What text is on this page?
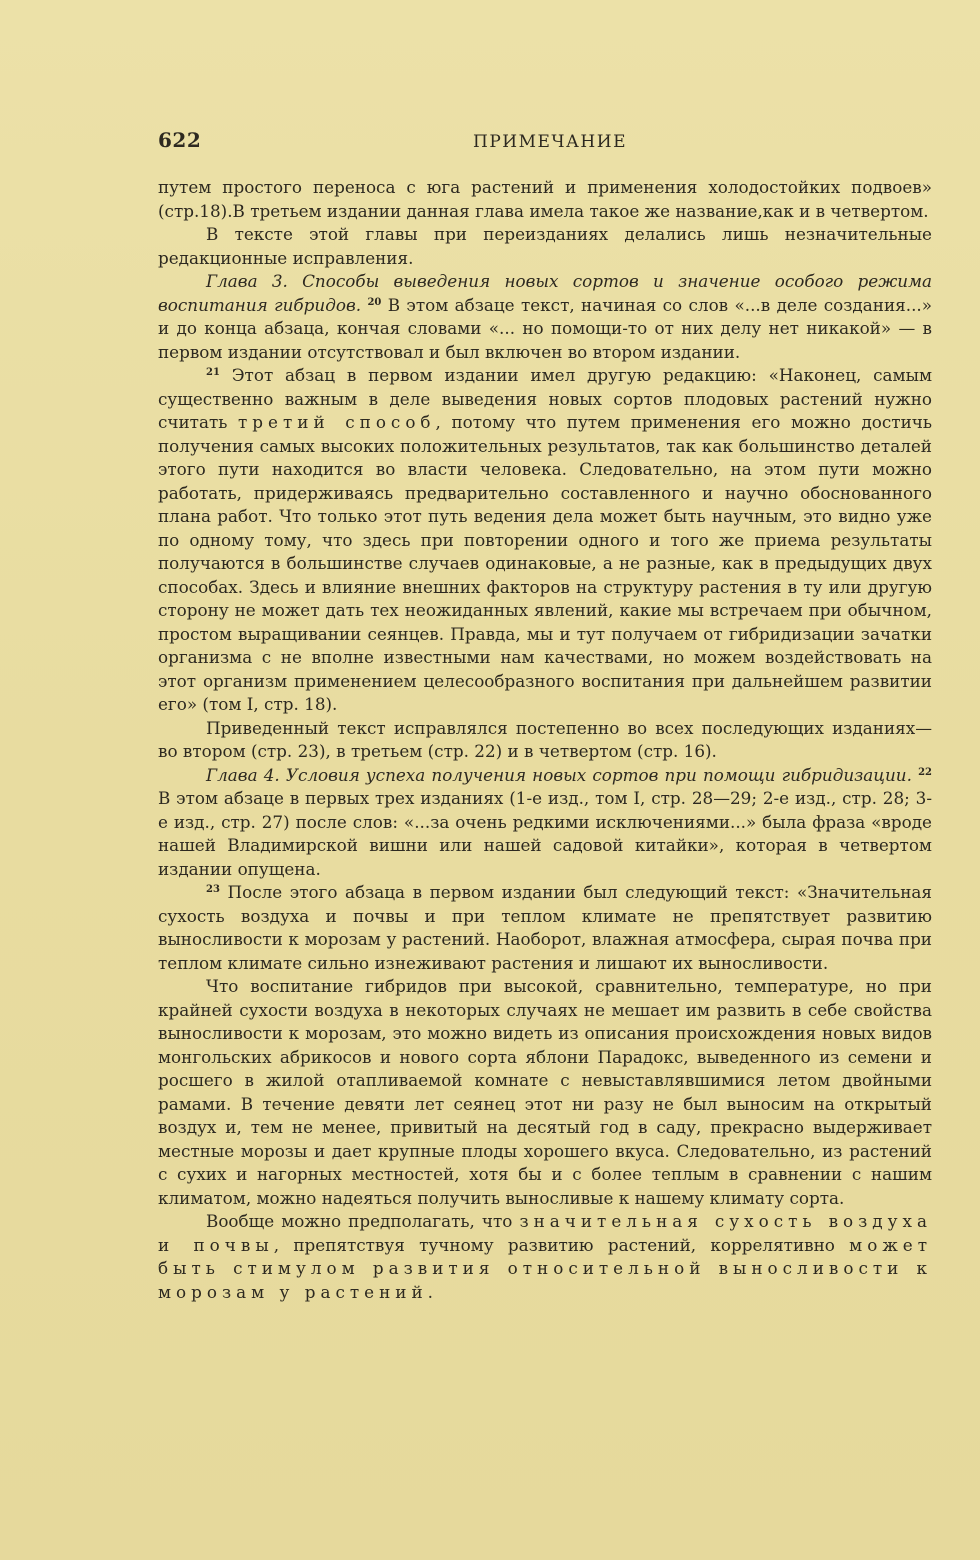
622	ПРИМЕЧАНИЕ

путем простого переноса с юга растений и применения холодостойких подвоев» (стр.18).В третьем издании данная глава имела такое же название,как и в четвертом.

В тексте этой главы при переизданиях делались лишь незначительные редакционные исправления.

Глава 3. Способы выведения новых сортов и значение особого режима воспитания гибридов. $^{20}$ В этом абзаце текст, начиная со слов «...в деле создания...» и до конца абзаца, кончая словами «... но помощи-то от них делу нет никакой» — в первом издании отсутствовал и был включен во втором издании.

$^{21}$ Этот абзац в первом издании имел другую редакцию: «Наконец, самым существенно важным в деле выведения новых сортов плодовых растений нужно считать третий способ, потому что путем применения его можно достичь получения самых высоких положительных результатов, так как большинство деталей этого пути находится во власти человека. Следовательно, на этом пути можно работать, придерживаясь предварительно составленного и научно обоснованного плана работ. Что только этот путь ведения дела может быть научным, это видно уже по одному тому, что здесь при повторении одного и того же приема результаты получаются в большинстве случаев одинаковые, а не разные, как в предыдущих двух способах. Здесь и влияние внешних факторов на структуру растения в ту или другую сторону не может дать тех неожиданных явлений, какие мы встречаем при обычном, простом выращивании сеянцев. Правда, мы и тут получаем от гибридизации зачатки организма с не вполне известными нам качествами, но можем воздействовать на этот организм применением целесообразного воспитания при дальнейшем развитии его» (том I, стр. 18).

Приведенный текст исправлялся постепенно во всех последующих изданиях— во втором (стр. 23), в третьем (стр. 22) и в четвертом (стр. 16).

Глава 4. Условия успеха получения новых сортов при помощи гибридизации. $^{22}$ В этом абзаце в первых трех изданиях (1-е изд., том I, стр. 28—29; 2-е изд., стр. 28; 3-е изд., стр. 27) после слов: «...за очень редкими исключениями...» была фраза «вроде нашей Владимирской вишни или нашей садовой китайки», которая в четвертом издании опущена.

$^{23}$ После этого абзаца в первом издании был следующий текст: «Значительная сухость воздуха и почвы и при теплом климате не препятствует развитию выносливости к морозам у растений. Наоборот, влажная атмосфера, сырая почва при теплом климате сильно изнеживают растения и лишают их выносливости.

Что воспитание гибридов при высокой, сравнительно, температуре, но при крайней сухости воздуха в некоторых случаях не мешает им развить в себе свойства выносливости к морозам, это можно видеть из описания происхождения новых видов монгольских абрикосов и нового сорта яблони Парадокс, выведенного из семени и росшего в жилой отапливаемой комнате с невыставлявшимися летом двойными рамами. В течение девяти лет сеянец этот ни разу не был выносим на открытый воздух и, тем не менее, привитый на десятый год в саду, прекрасно выдерживает местные морозы и дает крупные плоды хорошего вкуса. Следовательно, из растений с сухих и нагорных местностей, хотя бы и с более теплым в сравнении с нашим климатом, можно надеяться получить выносливые к нашему климату сорта.

Вообще можно предполагать, что значительная сухость воздуха и почвы, препятствуя тучному развитию растений, коррелятивно может быть стимулом развития относительной выносливости к морозам у растений.
